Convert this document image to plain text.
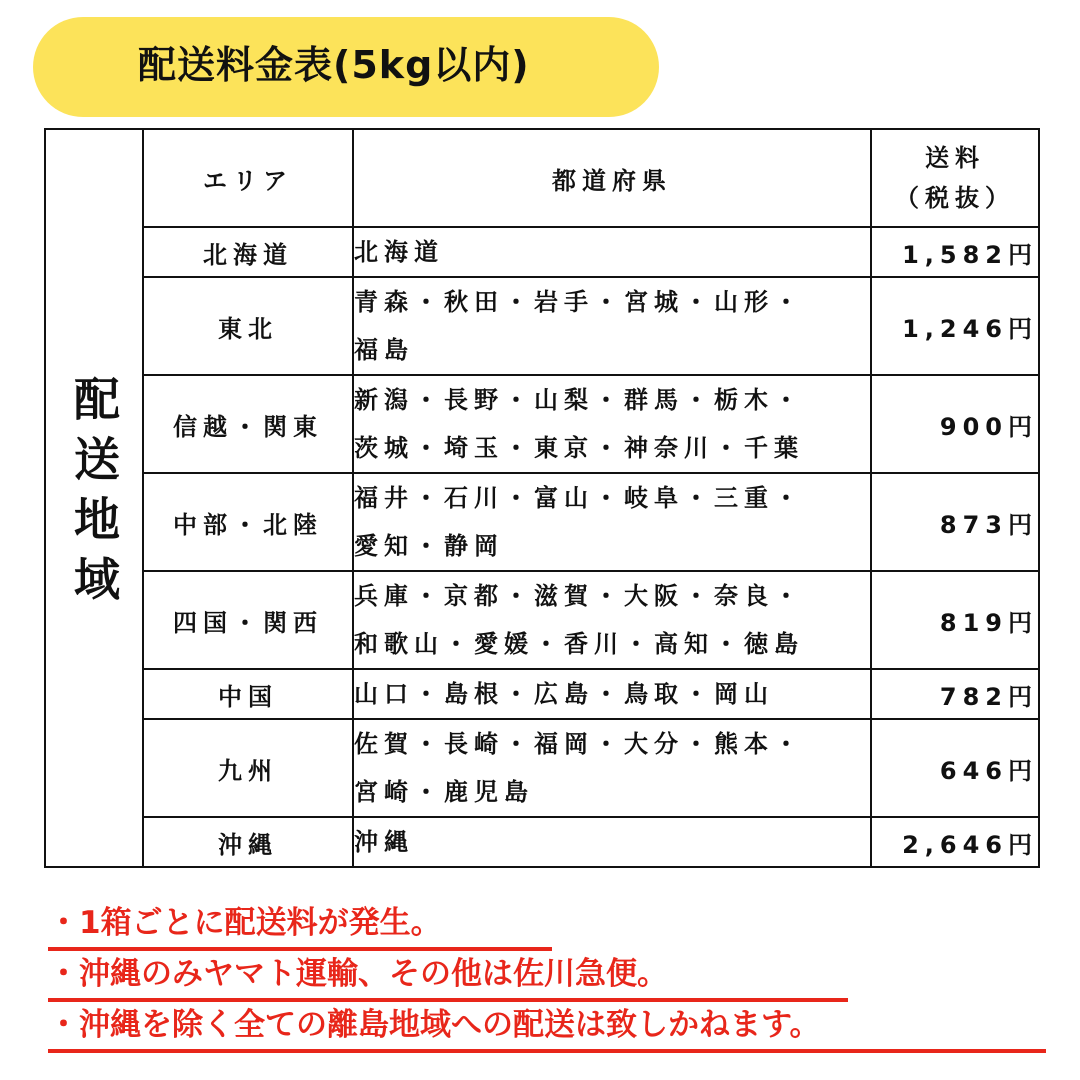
配送料金表(5kg以内)
配送地域	エリア	都道府県	送料
（税抜）

	北海道	北海道	1,582円
	東北	青森・秋田・岩手・宮城・山形・
福島	1,246円
	信越・関東	新潟・長野・山梨・群馬・栃木・
茨城・埼玉・東京・神奈川・千葉	900円
	中部・北陸	福井・石川・富山・岐阜・三重・
愛知・静岡	873円
	四国・関西	兵庫・京都・滋賀・大阪・奈良・
和歌山・愛媛・香川・高知・徳島	819円
	中国	山口・島根・広島・鳥取・岡山	782円
	九州	佐賀・長崎・福岡・大分・熊本・
宮崎・鹿児島	646円
	沖縄	沖縄	2,646円
・1箱ごとに配送料が発生。
・沖縄のみヤマト運輸、その他は佐川急便。
・沖縄を除く全ての離島地域への配送は致しかねます。
